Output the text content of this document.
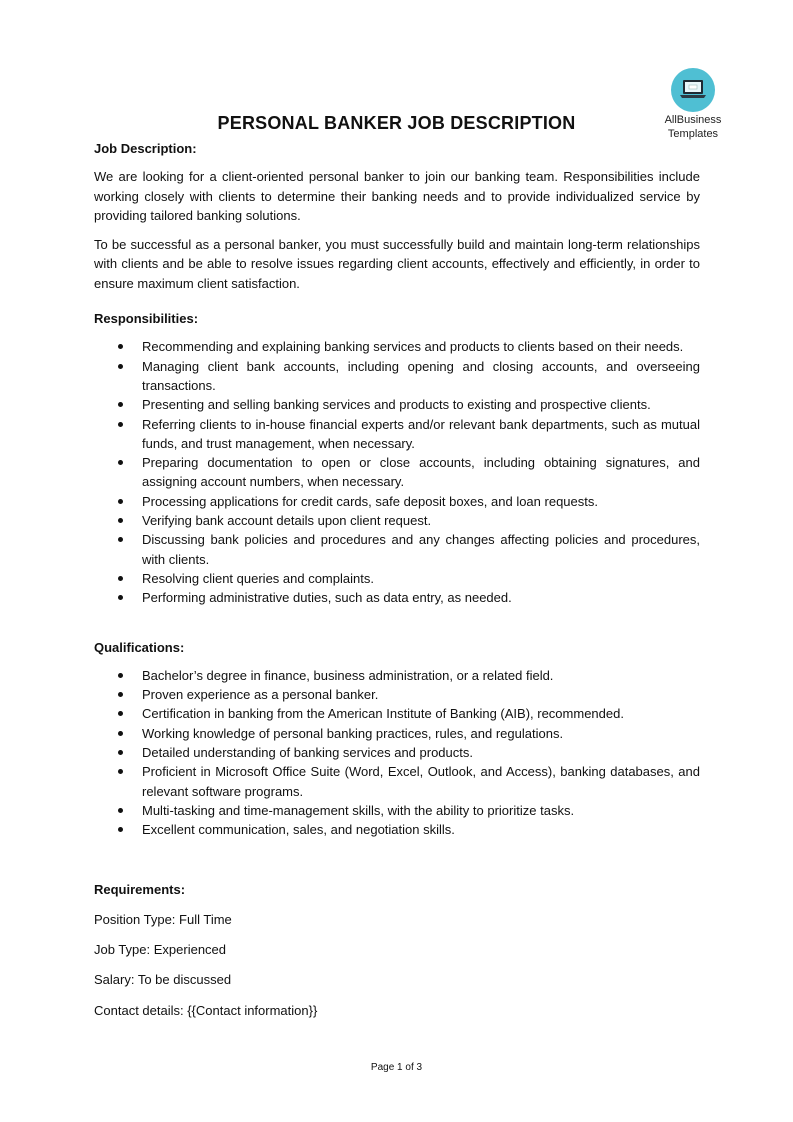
AllBusiness
Templates
PERSONAL BANKER JOB DESCRIPTION

Job Description:

We are looking for a client-oriented personal banker to join our banking team. Responsibilities include working closely with clients to determine their banking needs and to provide individualized service by providing tailored banking solutions.

To be successful as a personal banker, you must successfully build and maintain long-term relationships with clients and be able to resolve issues regarding client accounts, effectively and efficiently, in order to ensure maximum client satisfaction.

Responsibilities:

Recommending and explaining banking services and products to clients based on their needs.
Managing client bank accounts, including opening and closing accounts, and overseeing transactions.
Presenting and selling banking services and products to existing and prospective clients.
Referring clients to in-house financial experts and/or relevant bank departments, such as mutual funds, and trust management, when necessary.
Preparing documentation to open or close accounts, including obtaining signatures, and assigning account numbers, when necessary.
Processing applications for credit cards, safe deposit boxes, and loan requests.
Verifying bank account details upon client request.
Discussing bank policies and procedures and any changes affecting policies and procedures, with clients.
Resolving client queries and complaints.
Performing administrative duties, such as data entry, as needed.

Qualifications:

Bachelor’s degree in finance, business administration, or a related field.
Proven experience as a personal banker.
Certification in banking from the American Institute of Banking (AIB), recommended.
Working knowledge of personal banking practices, rules, and regulations.
Detailed understanding of banking services and products.
Proficient in Microsoft Office Suite (Word, Excel, Outlook, and Access), banking databases, and relevant software programs.
Multi-tasking and time-management skills, with the ability to prioritize tasks.
Excellent communication, sales, and negotiation skills.

Requirements:

Position Type: Full Time

Job Type: Experienced

Salary: To be discussed

Contact details: {{Contact information}}

Page 1 of 3
